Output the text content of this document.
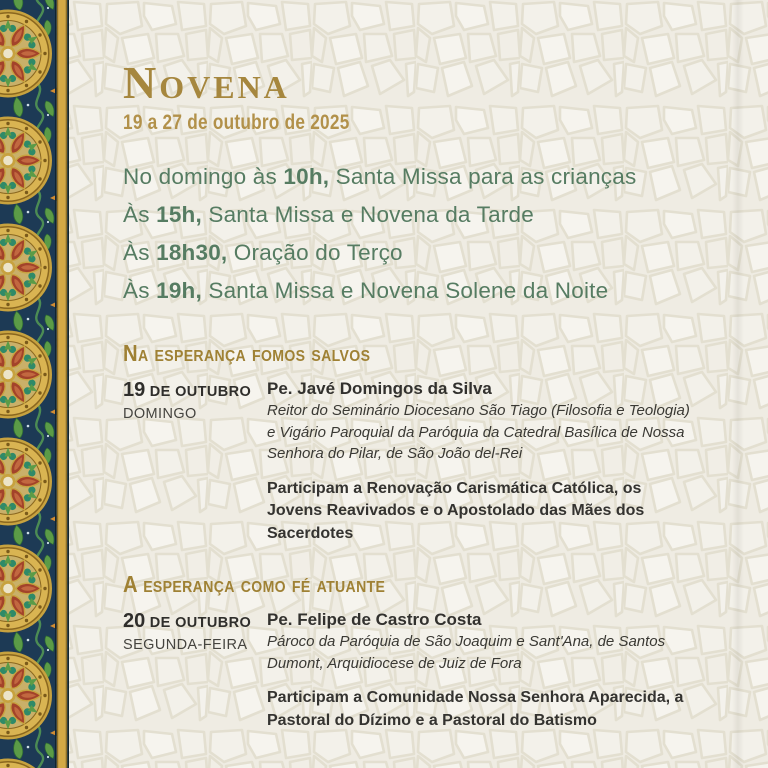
Novena
19 a 27 de outubro de 2025

No domingo às 10h, Santa Missa para as crianças

Às 15h, Santa Missa e Novena da Tarde

Às 18h30, Oração do Terço

Às 19h, Santa Missa e Novena Solene da Noite

Na esperança fomos salvos
19 DE OUTUBRO
DOMINGO

Pe. Javé Domingos da Silva

Reitor do Seminário Diocesano São Tiago (Filosofia e Teologia) e Vigário Paroquial da Paróquia da Catedral Basílica de Nossa Senhora do Pilar, de São João del-Rei

Participam a Renovação Carismática Católica, os Jovens Reavivados e o Apostolado das Mães dos Sacerdotes

A esperança como fé atuante
20 DE OUTUBRO
SEGUNDA-FEIRA

Pe. Felipe de Castro Costa

Pároco da Paróquia de São Joaquim e Sant'Ana, de Santos Dumont, Arquidiocese de Juiz de Fora

Participam a Comunidade Nossa Senhora Aparecida, a Pastoral do Dízimo e a Pastoral do Batismo
